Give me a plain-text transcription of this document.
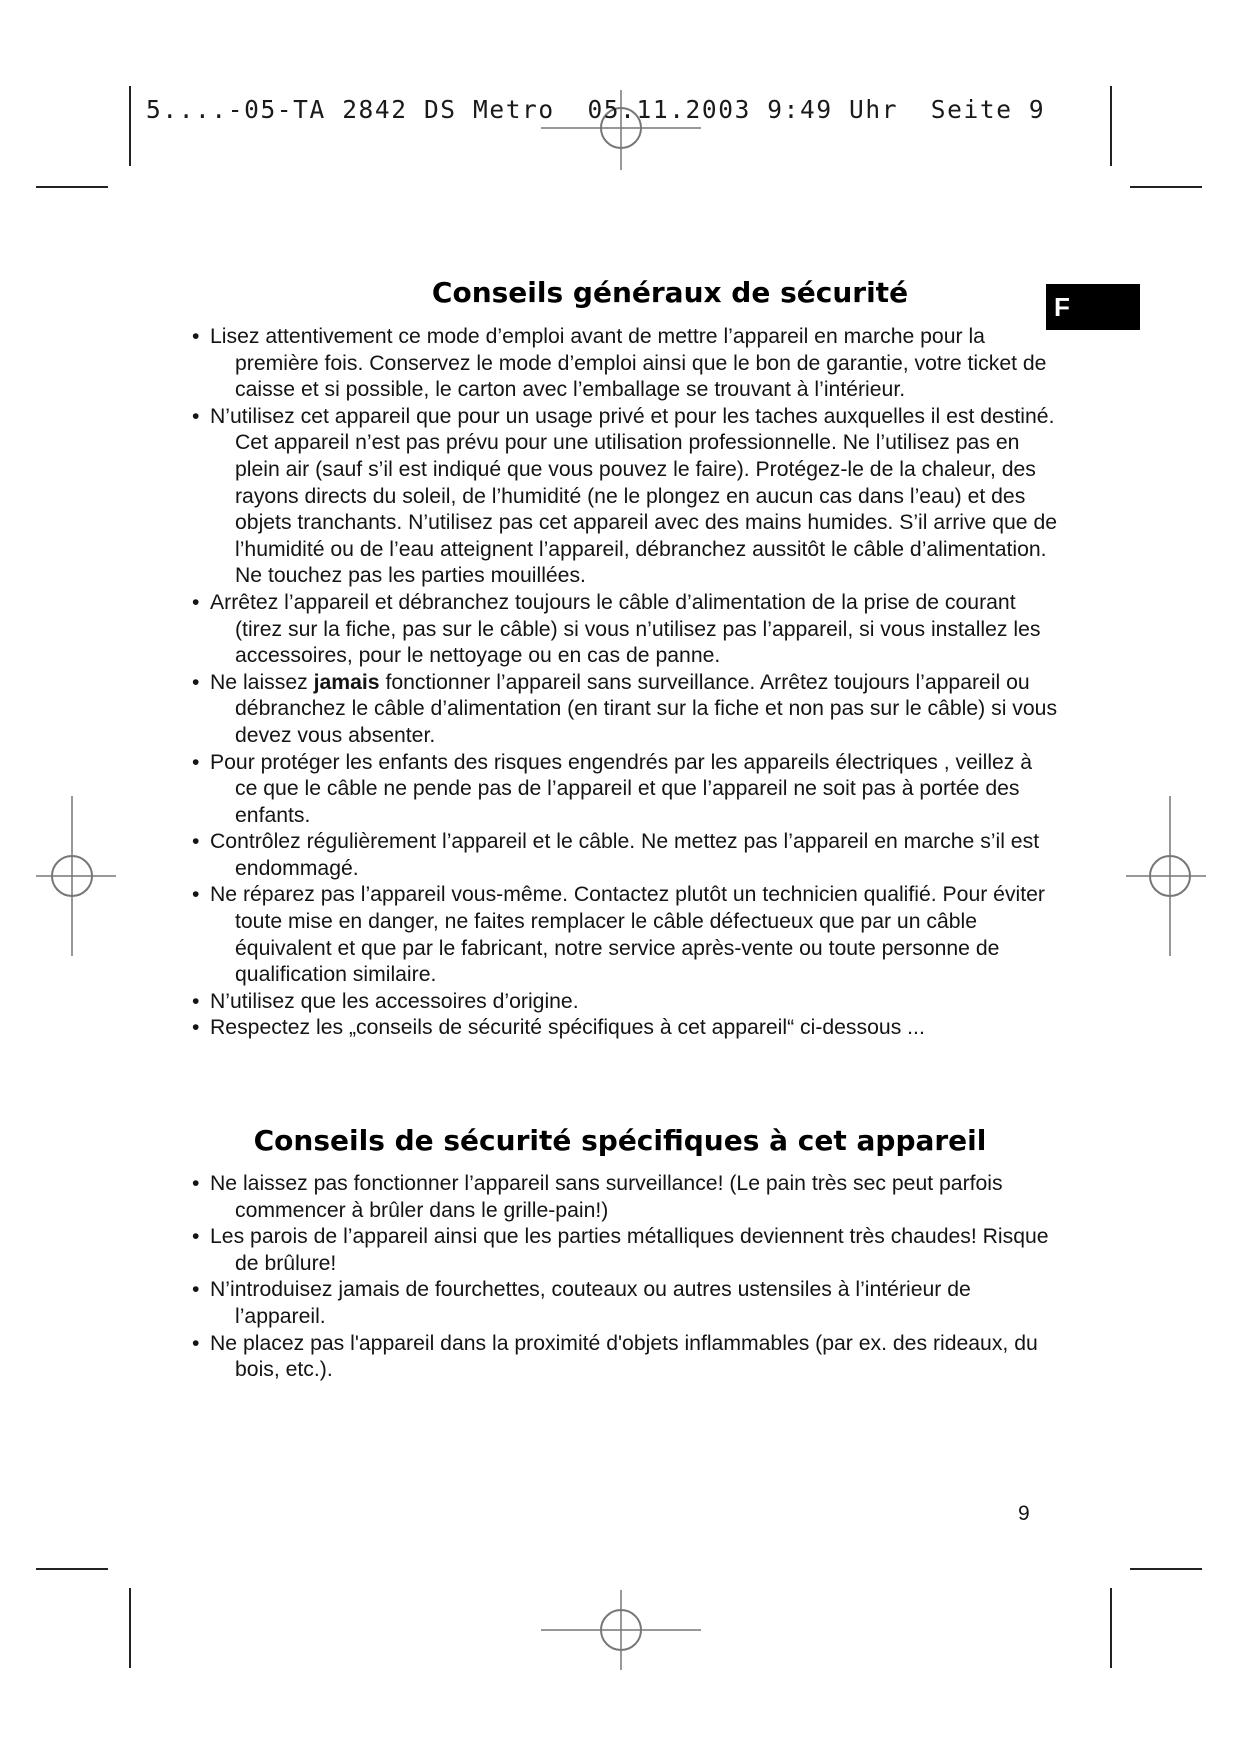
5....-05-TA 2842 DS Metro  05.11.2003 9:49 Uhr  Seite 9

F
Conseils généraux de sécurité
• Lisez attentivement ce mode d’emploi avant de mettre l’appareil en marche pour la première fois. Conservez le mode d’emploi ainsi que le bon de garantie, votre ticket de caisse et si possible, le carton avec l’emballage se trouvant à l’intérieur.
• N’utilisez cet appareil que pour un usage privé et pour les taches auxquelles il est destiné. Cet appareil n’est pas prévu pour une utilisation professionnelle. Ne l’utilisez pas en plein air (sauf s’il est indiqué que vous pouvez le faire). Protégez-le de la chaleur, des rayons directs du soleil, de l’humidité (ne le plongez en aucun cas dans l’eau) et des objets tranchants. N’utilisez pas cet appareil avec des mains humides. S’il arrive que de l’humidité ou de l’eau atteignent l’appareil, débranchez aussitôt le câble d’alimentation. Ne touchez pas les parties mouillées.
• Arrêtez l’appareil et débranchez toujours le câble d’alimentation de la prise de courant (tirez sur la fiche, pas sur le câble) si vous n’utilisez pas l’appareil, si vous installez les accessoires, pour le nettoyage ou en cas de panne.
• Ne laissez jamais fonctionner l’appareil sans surveillance. Arrêtez toujours l’appareil ou débranchez le câble d’alimentation (en tirant sur la fiche et non pas sur le câble) si vous devez vous absenter.
• Pour protéger les enfants des risques engendrés par les appareils électriques , veillez à ce que le câble ne pende pas de l’appareil et que l’appareil ne soit pas à portée des enfants.
• Contrôlez régulièrement l’appareil et le câble. Ne mettez pas l’appareil en marche s’il est endommagé.
• Ne réparez pas l’appareil vous-même. Contactez plutôt un technicien qualifié. Pour éviter toute mise en danger, ne faites remplacer le câble défectueux que par un câble équivalent et que par le fabricant, notre service après-vente ou toute personne de qualification similaire.
• N’utilisez que les accessoires d’origine.
• Respectez les „conseils de sécurité spécifiques à cet appareil“ ci-dessous ...
Conseils de sécurité spécifiques à cet appareil
• Ne laissez pas fonctionner l’appareil sans surveillance! (Le pain très sec peut parfois commencer à brûler dans le grille-pain!)
• Les parois de l’appareil ainsi que les parties métalliques deviennent très chaudes! Risque de brûlure!
• N’introduisez jamais de fourchettes, couteaux ou autres ustensiles à l’intérieur de l’appareil.
• Ne placez pas l'appareil dans la proximité d'objets inflammables (par ex. des rideaux, du bois, etc.).

9
